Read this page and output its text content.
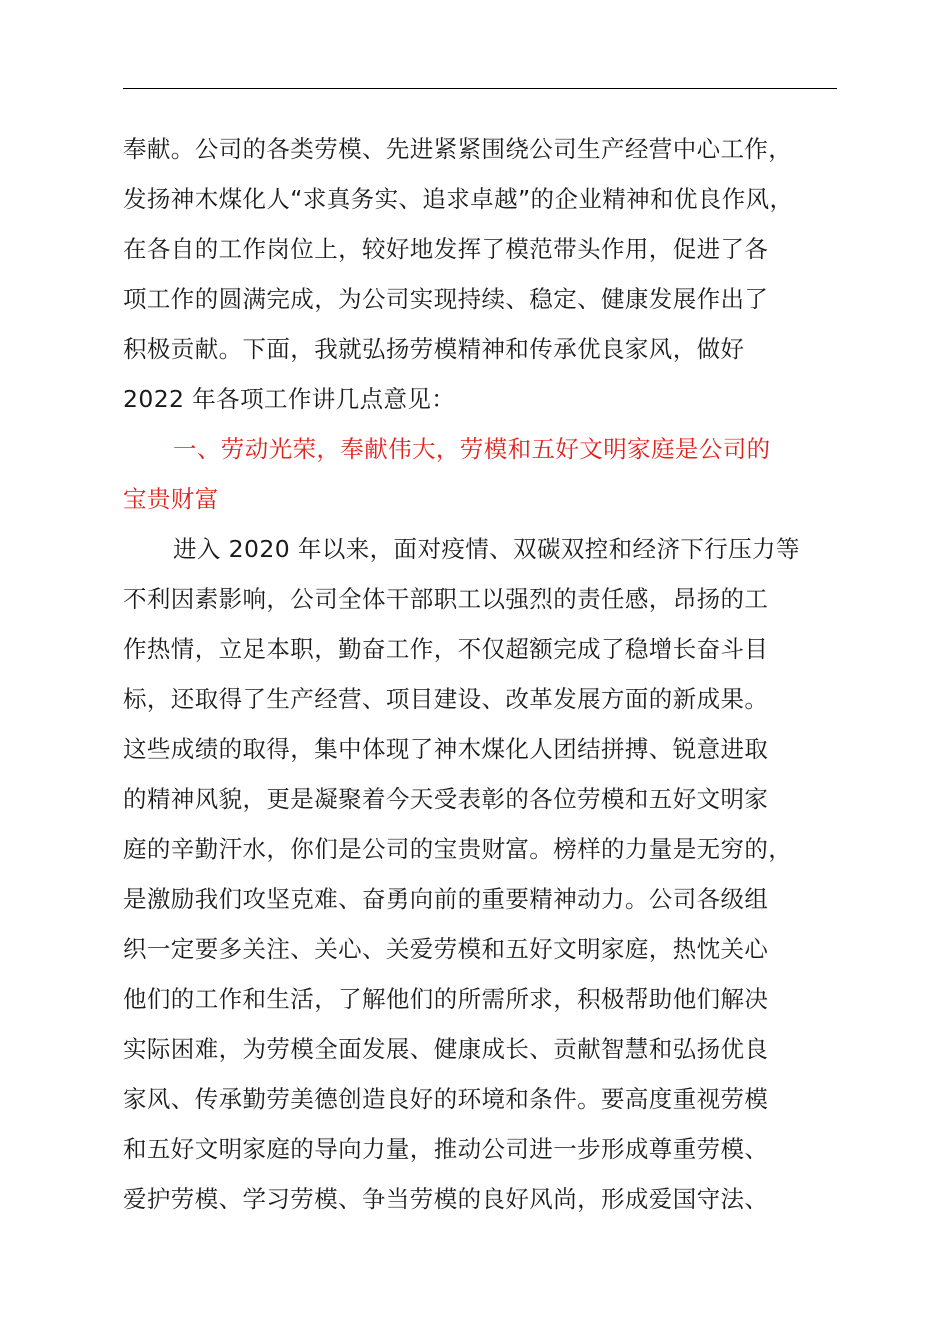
奉献。公司的各类劳模、先进紧紧围绕公司生产经营中心工作，
发扬神木煤化人“求真务实、追求卓越”的企业精神和优良作风，
在各自的工作岗位上，较好地发挥了模范带头作用，促进了各
项工作的圆满完成，为公司实现持续、稳定、健康发展作出了
积极贡献。下面，我就弘扬劳模精神和传承优良家风，做好
2022 年各项工作讲几点意见：
一、劳动光荣，奉献伟大，劳模和五好文明家庭是公司的
宝贵财富
进入 2020 年以来，面对疫情、双碳双控和经济下行压力等
不利因素影响，公司全体干部职工以强烈的责任感，昂扬的工
作热情，立足本职，勤奋工作，不仅超额完成了稳增长奋斗目
标，还取得了生产经营、项目建设、改革发展方面的新成果。
这些成绩的取得，集中体现了神木煤化人团结拼搏、锐意进取
的精神风貌，更是凝聚着今天受表彰的各位劳模和五好文明家
庭的辛勤汗水，你们是公司的宝贵财富。榜样的力量是无穷的，
是激励我们攻坚克难、奋勇向前的重要精神动力。公司各级组
织一定要多关注、关心、关爱劳模和五好文明家庭，热忱关心
他们的工作和生活，了解他们的所需所求，积极帮助他们解决
实际困难，为劳模全面发展、健康成长、贡献智慧和弘扬优良
家风、传承勤劳美德创造良好的环境和条件。要高度重视劳模
和五好文明家庭的导向力量，推动公司进一步形成尊重劳模、
爱护劳模、学习劳模、争当劳模的良好风尚，形成爱国守法、
